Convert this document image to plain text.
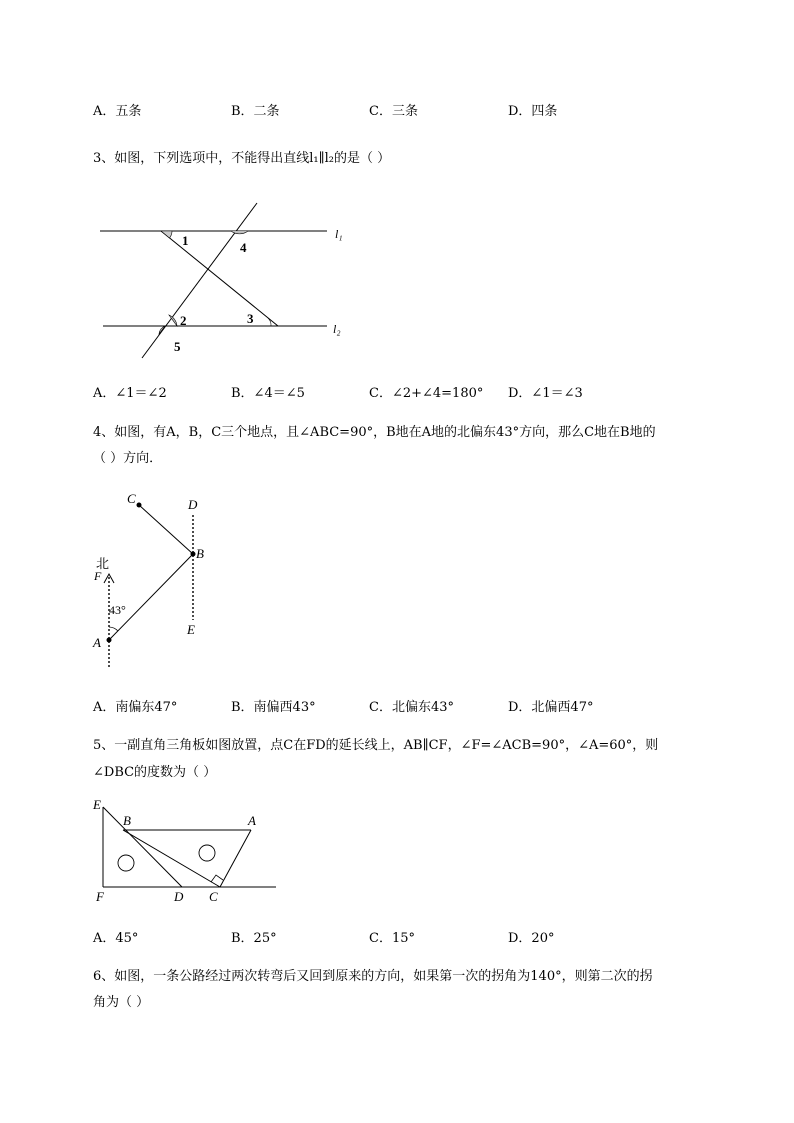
A．五条	B．二条	C．三条	D．四条
3、如图，下列选项中，不能得出直线l₁∥l₂的是（ ）
1	4
2	3
5
l₁
l₂
A．∠1＝∠2	B．∠4＝∠5	C．∠2+∠4=180° D．∠1＝∠3
4、如图，有A，B，C三个地点，且∠ABC=90°，B地在A地的北偏东43°方向，那么C地在B地的
（ ）方向．
C	D
B
北
F
43°
E
A
A．南偏东47°	B．南偏西43°	C．北偏东43°	D．北偏西47°
5、一副直角三角板如图放置，点C在FD的延长线上，AB∥CF，∠F=∠ACB=90°，∠A=60°，则
∠DBC的度数为（ ）
E
B	A
F	D C
A．45°	B．25°	C．15°	D．20°
6、如图，一条公路经过两次转弯后又回到原来的方向，如果第一次的拐角为140°，则第二次的拐
角为（ ）
